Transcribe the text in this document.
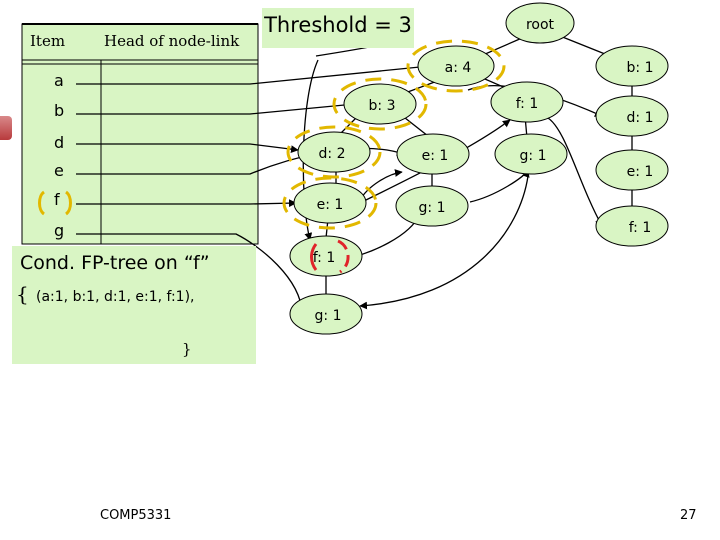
Item	Head of node-link
a
b
d
e
f
g
root
a: 4
b: 3
d: 2	e: 1
e: 1
f: 1
g: 1
g: 1
f: 1
g: 1
b: 1
d: 1
e: 1
f: 1
Threshold = 3
Cond. FP-tree on “f”
{ (a:1, b:1, d:1, e:1, f:1),
}
COMP5331	27
